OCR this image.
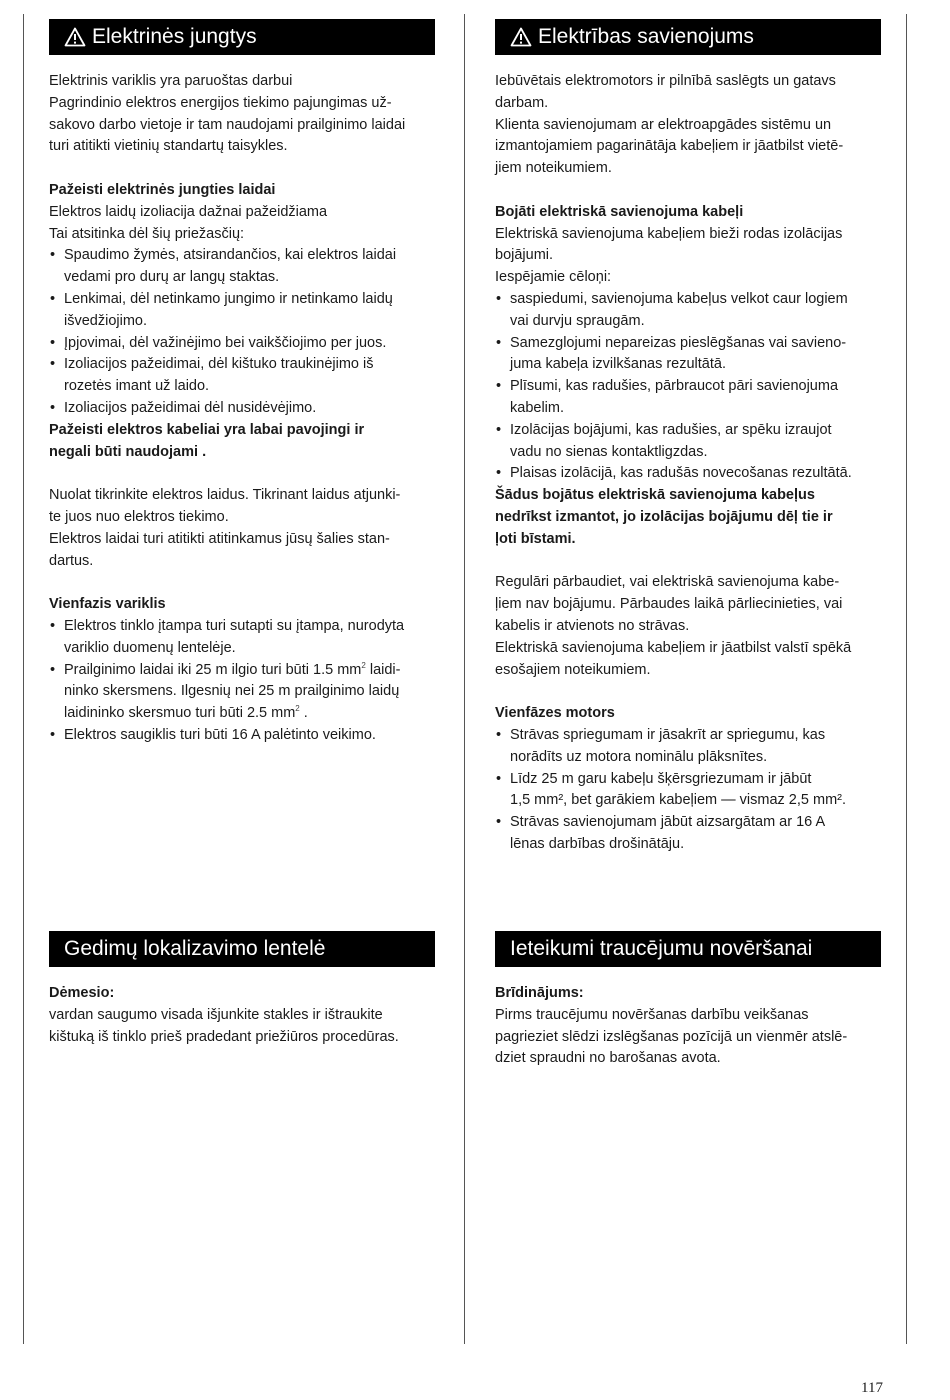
Elektrinės jungtys
Elektrinis variklis yra paruoštas darbui
Pagrindinio elektros energijos tiekimo pajungimas už-
sakovo darbo vietoje ir tam naudojami prailginimo laidai
turi atitikti vietinių standartų taisykles.
Pažeisti elektrinės jungties laidai
Elektros laidų izoliacija dažnai pažeidžiama
Tai atsitinka dėl šių priežasčių:
• Spaudimo žymės, atsirandančios, kai elektros laidai
vedami pro durų ar langų staktas.
• Lenkimai, dėl netinkamo jungimo ir netinkamo laidų
išvedžiojimo.
• Įpjovimai, dėl važinėjimo bei vaikščiojimo per juos.
• Izoliacijos pažeidimai, dėl kištuko traukinėjimo iš
rozetės imant už laido.
• Izoliacijos pažeidimai dėl nusidėvėjimo.
Pažeisti elektros kabeliai yra labai pavojingi ir
negali būti naudojami .
Nuolat tikrinkite elektros laidus. Tikrinant laidus atjunki-
te juos nuo elektros tiekimo.
Elektros laidai turi atitikti atitinkamus jūsų šalies stan-
dartus.
Vienfazis variklis
• Elektros tinklo įtampa turi sutapti su įtampa, nurodyta
variklio duomenų lentelėje.
• Prailginimo laidai iki 25 m ilgio turi būti 1.5 $mm^2$ laidi-
ninko skersmens. Ilgesnių nei 25 m prailginimo laidų
laidininko skersmuo turi būti 2.5 $mm^2$ .
• Elektros saugiklis turi būti 16 A palėtinto veikimo.
Elektrības savienojums
Iebūvētais elektromotors ir pilnībā saslēgts un gatavs
darbam.
Klienta savienojumam ar elektroapgādes sistēmu un
izmantojamiem pagarinātāja kabeļiem ir jāatbilst vietē-
jiem noteikumiem.
Bojāti elektriskā savienojuma kabeļi
Elektriskā savienojuma kabeļiem bieži rodas izolācijas
bojājumi.
Iespējamie cēloņi:
• saspiedumi, savienojuma kabeļus velkot caur logiem
vai durvju spraugām.
• Samezglojumi nepareizas pieslēgšanas vai savieno-
juma kabeļa izvilkšanas rezultātā.
• Plīsumi, kas radušies, pārbraucot pāri savienojuma
kabelim.
• Izolācijas bojājumi, kas radušies, ar spēku izraujot
vadu no sienas kontaktligzdas.
• Plaisas izolācijā, kas radušās novecošanas rezultātā.
Šādus bojātus elektriskā savienojuma kabeļus
nedrīkst izmantot, jo izolācijas bojājumu dēļ tie ir
ļoti bīstami.
Regulāri pārbaudiet, vai elektriskā savienojuma kabe-
ļiem nav bojājumu. Pārbaudes laikā pārliecinieties, vai
kabelis ir atvienots no strāvas.
Elektriskā savienojuma kabeļiem ir jāatbilst valstī spēkā
esošajiem noteikumiem.
Vienfāzes motors
• Strāvas spriegumam ir jāsakrīt ar spriegumu, kas
norādīts uz motora nominālu plāksnītes.
• Līdz 25 m garu kabeļu šķērsgriezumam ir jābūt
1,5 mm², bet garākiem kabeļiem — vismaz 2,5 mm².
• Strāvas savienojumam jābūt aizsargātam ar 16 A
lēnas darbības drošinātāju.
Gedimų lokalizavimo lentelė
Dėmesio:
vardan saugumo visada išjunkite stakles ir ištraukite
kištuką iš tinklo prieš pradedant priežiūros procedūras.
Ieteikumi traucējumu novēršanai
Brīdinājums:
Pirms traucējumu novēršanas darbību veikšanas
pagrieziet slēdzi izslēgšanas pozīcijā un vienmēr atslē-
dziet spraudni no barošanas avota.
117
